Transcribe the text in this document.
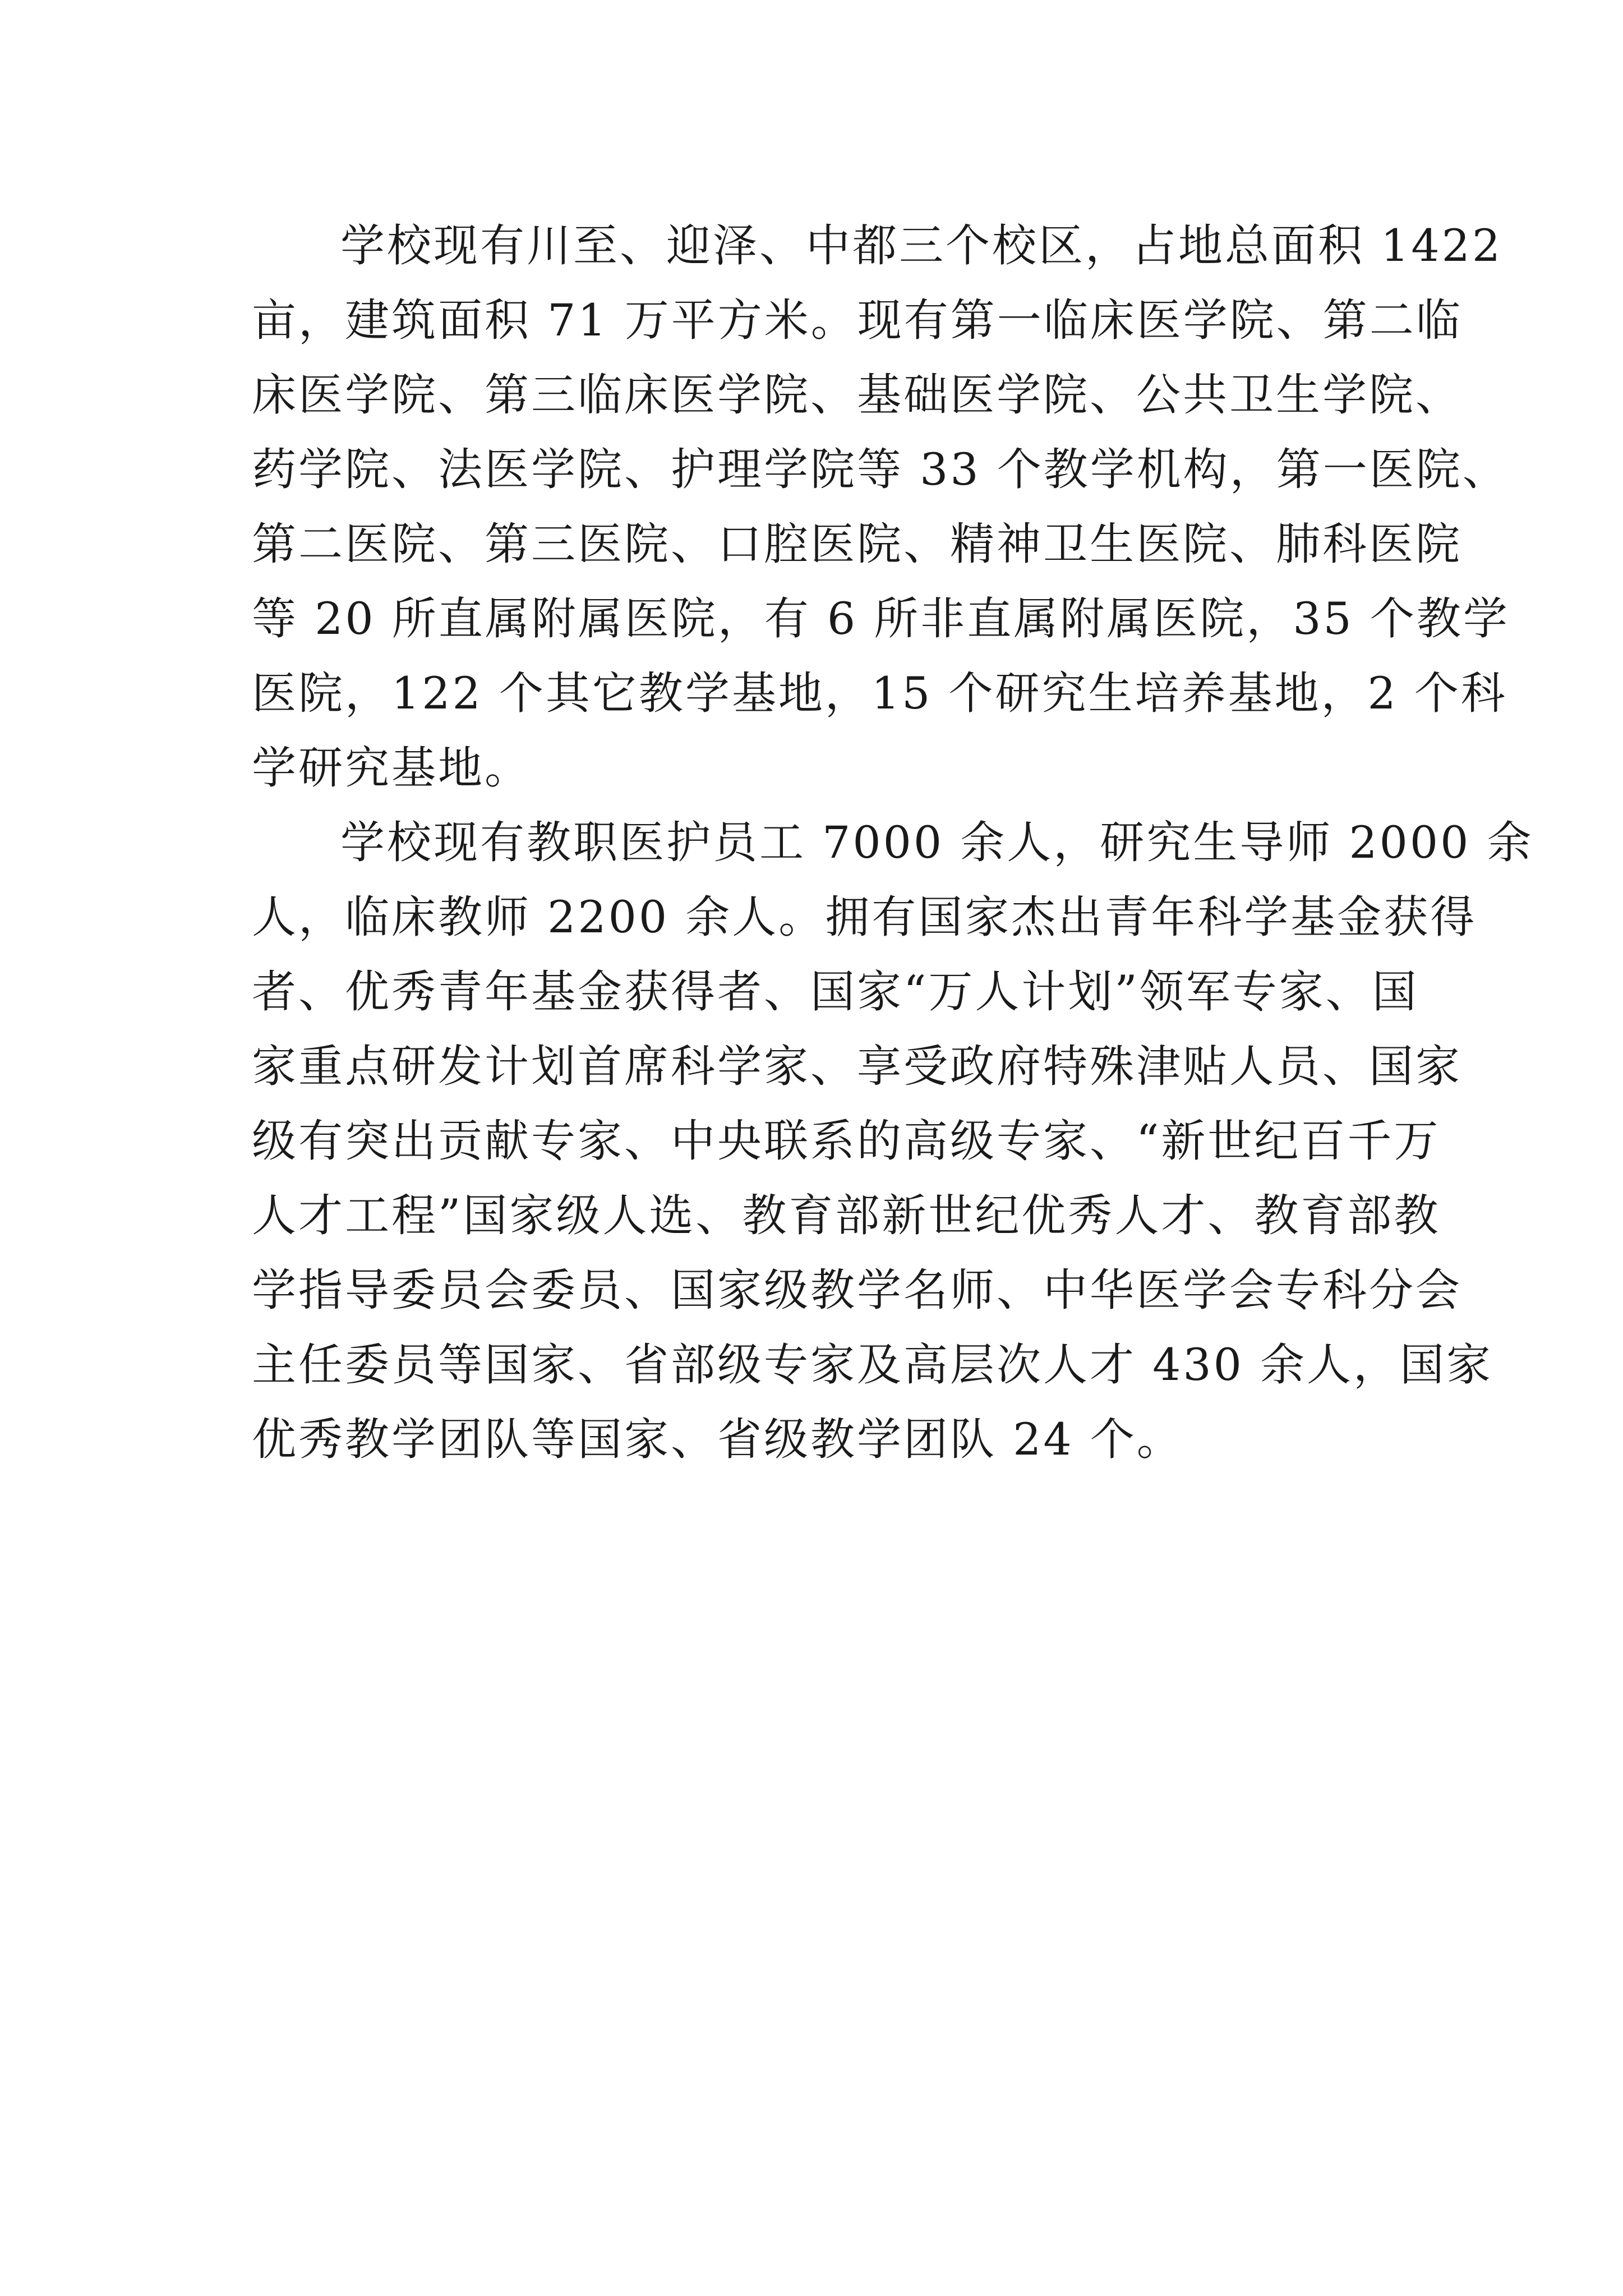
学校现有川至、迎泽、中都三个校区，占地总面积 1422
亩，建筑面积 71 万平方米。现有第一临床医学院、第二临
床医学院、第三临床医学院、基础医学院、公共卫生学院、
药学院、法医学院、护理学院等 33 个教学机构，第一医院、
第二医院、第三医院、口腔医院、精神卫生医院、肺科医院
等 20 所直属附属医院，有 6 所非直属附属医院，35 个教学
医院，122 个其它教学基地，15 个研究生培养基地，2 个科
学研究基地。
学校现有教职医护员工 7000 余人，研究生导师 2000 余
人，临床教师 2200 余人。拥有国家杰出青年科学基金获得
者、优秀青年基金获得者、国家“万人计划”领军专家、国
家重点研发计划首席科学家、享受政府特殊津贴人员、国家
级有突出贡献专家、中央联系的高级专家、“新世纪百千万
人才工程”国家级人选、教育部新世纪优秀人才、教育部教
学指导委员会委员、国家级教学名师、中华医学会专科分会
主任委员等国家、省部级专家及高层次人才 430 余人，国家
优秀教学团队等国家、省级教学团队 24 个。
